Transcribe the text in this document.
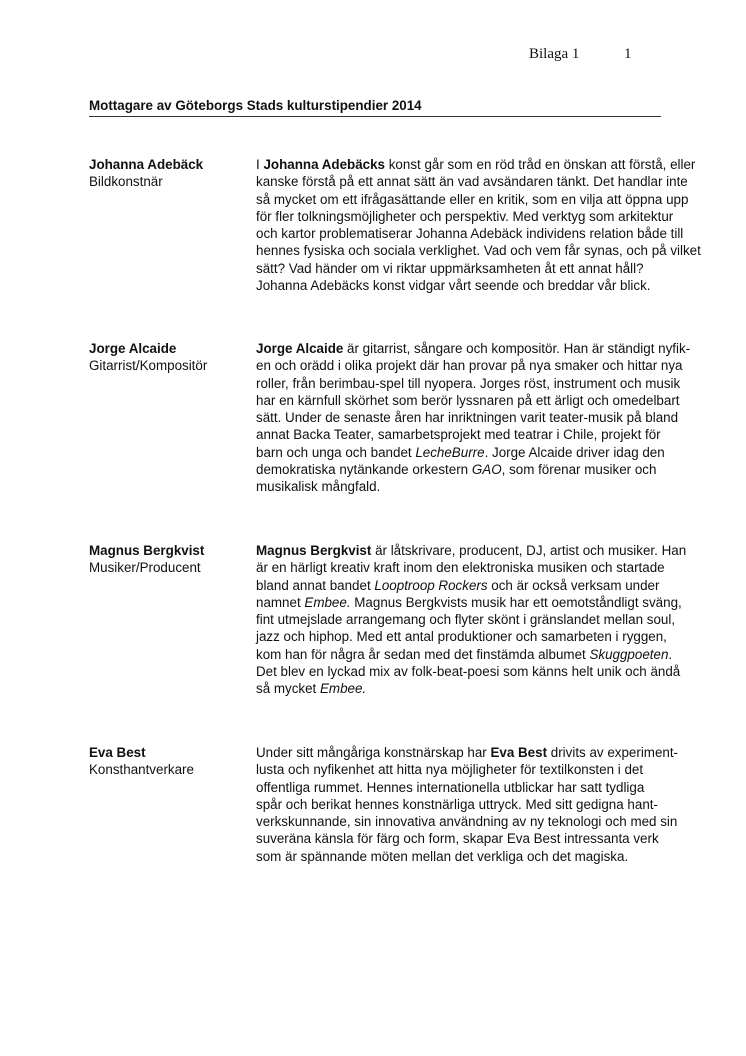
Bilaga 1	1
Mottagare av Göteborgs Stads kulturstipendier 2014
Johanna Adebäck
Bildkonstnär
I Johanna Adebäcks konst går som en röd tråd en önskan att förstå, eller
kanske förstå på ett annat sätt än vad avsändaren tänkt. Det handlar inte
så mycket om ett ifrågasättande eller en kritik, som en vilja att öppna upp
för fler tolkningsmöjligheter och perspektiv. Med verktyg som arkitektur
och kartor problematiserar Johanna Adebäck individens relation både till
hennes fysiska och sociala verklighet. Vad och vem får synas, och på vilket
sätt? Vad händer om vi riktar uppmärksamheten åt ett annat håll?
Johanna Adebäcks konst vidgar vårt seende och breddar vår blick.
Jorge Alcaide
Gitarrist/Kompositör
Jorge Alcaide är gitarrist, sångare och kompositör. Han är ständigt nyfik-
en och orädd i olika projekt där han provar på nya smaker och hittar nya
roller, från berimbau-spel till nyopera. Jorges röst, instrument och musik
har en kärnfull skörhet som berör lyssnaren på ett ärligt och omedelbart
sätt. Under de senaste åren har inriktningen varit teater-musik på bland
annat Backa Teater, samarbetsprojekt med teatrar i Chile, projekt för
barn och unga och bandet LecheBurre. Jorge Alcaide driver idag den
demokratiska nytänkande orkestern GAO, som förenar musiker och
musikalisk mångfald.
Magnus Bergkvist
Musiker/Producent
Magnus Bergkvist är låtskrivare, producent, DJ, artist och musiker. Han
är en härligt kreativ kraft inom den elektroniska musiken och startade
bland annat bandet Looptroop Rockers och är också verksam under
namnet Embee. Magnus Bergkvists musik har ett oemotståndligt sväng,
fint utmejslade arrangemang och flyter skönt i gränslandet mellan soul,
jazz och hiphop. Med ett antal produktioner och samarbeten i ryggen,
kom han för några år sedan med det finstämda albumet Skuggpoeten.
Det blev en lyckad mix av folk-beat-poesi som känns helt unik och ändå
så mycket Embee.
Eva Best
Konsthantverkare
Under sitt mångåriga konstnärskap har Eva Best drivits av experiment-
lusta och nyfikenhet att hitta nya möjligheter för textilkonsten i det
offentliga rummet. Hennes internationella utblickar har satt tydliga
spår och berikat hennes konstnärliga uttryck. Med sitt gedigna hant-
verkskunnande, sin innovativa användning av ny teknologi och med sin
suveräna känsla för färg och form, skapar Eva Best intressanta verk
som är spännande möten mellan det verkliga och det magiska.
